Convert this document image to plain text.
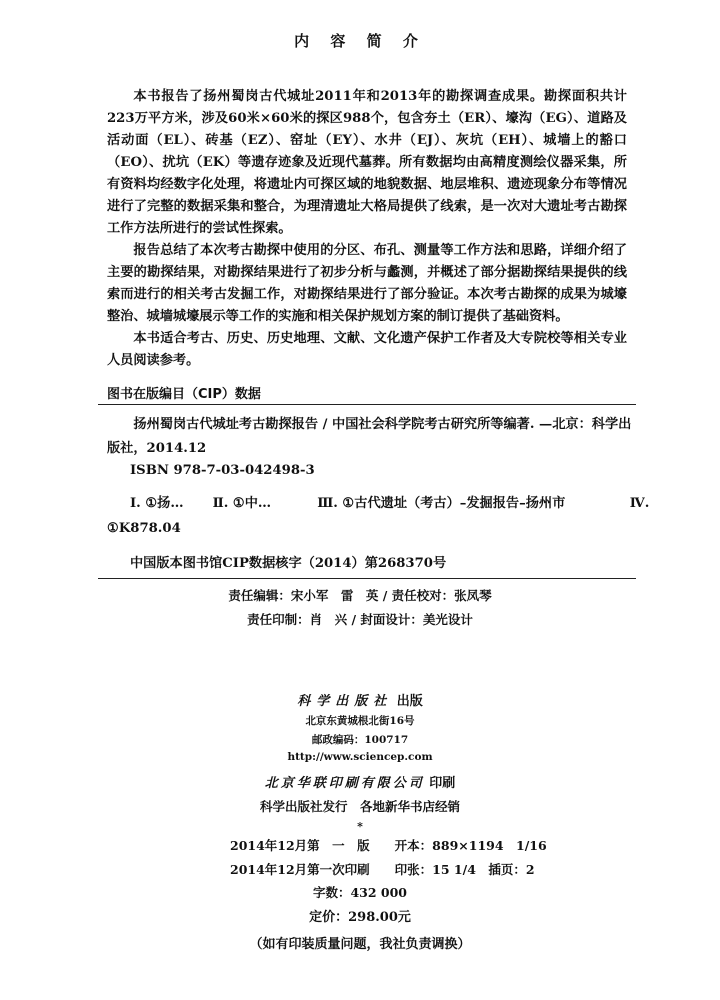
内 容 简 介

本书报告了扬州蜀岗古代城址2011年和2013年的勘探调查成果。勘探面积共计223万平方米，涉及60米×60米的探区988个，包含夯土（ER）、壕沟（EG）、道路及活动面（EL）、砖基（EZ）、窑址（EY）、水井（EJ）、灰坑（EH）、城墙上的豁口（EO）、扰坑（EK）等遗存迹象及近现代墓葬。所有数据均由高精度测绘仪器采集，所有资料均经数字化处理，将遗址内可探区域的地貌数据、地层堆积、遗迹现象分布等情况进行了完整的数据采集和整合，为理清遗址大格局提供了线索，是一次对大遗址考古勘探工作方法所进行的尝试性探索。

报告总结了本次考古勘探中使用的分区、布孔、测量等工作方法和思路，详细介绍了主要的勘探结果，对勘探结果进行了初步分析与蠡测，并概述了部分据勘探结果提供的线索而进行的相关考古发掘工作，对勘探结果进行了部分验证。本次考古勘探的成果为城壕整治、城墙城壕展示等工作的实施和相关保护规划方案的制订提供了基础资料。

本书适合考古、历史、历史地理、文献、文化遗产保护工作者及大专院校等相关专业人员阅读参考。

图书在版编目（CIP）数据
扬州蜀岗古代城址考古勘探报告 / 中国社会科学院考古研究所等编著. —北京：科学出版社，2014.12
ISBN 978-7-03-042498-3
Ⅰ. ①扬… Ⅱ. ①中…	Ⅲ. ①古代遗址（考古）–发掘报告–扬州市	Ⅳ.
①K878.04
中国版本图书馆CIP数据核字（2014）第268370号
责任编辑：宋小军　雷　英 / 责任校对：张凤琴
责任印制：肖　兴 / 封面设计：美光设计
科学出版社 出版
北京东黄城根北街16号
邮政编码：100717
http://www.sciencep.com
北京华联印刷有限公司 印刷
科学出版社发行　各地新华书店经销
*
2014年12月第　一　版　　开本：889×1194　1/16
2014年12月第一次印刷　　印张：15 1/4　插页：2
字数：432 000
定价：298.00元
（如有印装质量问题，我社负责调换）
